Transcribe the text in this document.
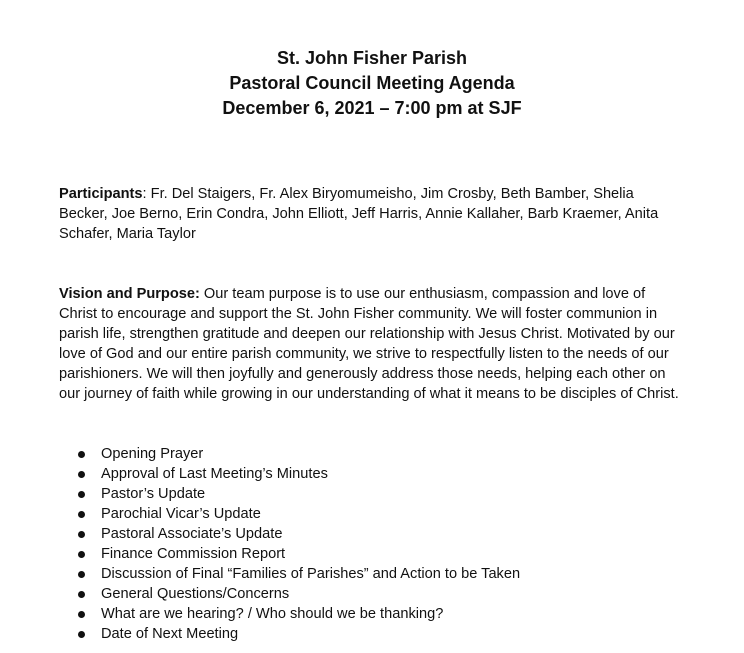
St. John Fisher Parish
Pastoral Council Meeting Agenda
December 6, 2021 – 7:00 pm at SJF
Participants: Fr. Del Staigers, Fr. Alex Biryomumeisho, Jim Crosby, Beth Bamber, Shelia Becker, Joe Berno, Erin Condra, John Elliott, Jeff Harris, Annie Kallaher, Barb Kraemer, Anita Schafer, Maria Taylor
Vision and Purpose: Our team purpose is to use our enthusiasm, compassion and love of Christ to encourage and support the St. John Fisher community. We will foster communion in parish life, strengthen gratitude and deepen our relationship with Jesus Christ. Motivated by our love of God and our entire parish community, we strive to respectfully listen to the needs of our parishioners. We will then joyfully and generously address those needs, helping each other on our journey of faith while growing in our understanding of what it means to be disciples of Christ.
Opening Prayer
Approval of Last Meeting’s Minutes
Pastor’s Update
Parochial Vicar’s Update
Pastoral Associate’s Update
Finance Commission Report
Discussion of Final “Families of Parishes” and Action to be Taken
General Questions/Concerns
What are we hearing? / Who should we be thanking?
Date of Next Meeting
